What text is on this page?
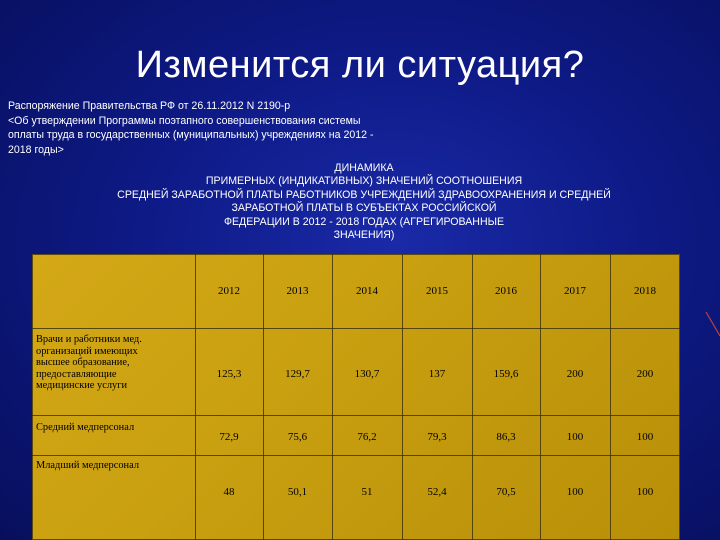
Изменится ли ситуация?
Распоряжение Правительства РФ от 26.11.2012 N 2190-р
<Об утверждении Программы поэтапного совершенствования системы
оплаты труда в государственных (муниципальных) учреждениях на 2012 -
2018 годы>
ДИНАМИКА
ПРИМЕРНЫХ (ИНДИКАТИВНЫХ) ЗНАЧЕНИЙ СООТНОШЕНИЯ
СРЕДНЕЙ ЗАРАБОТНОЙ ПЛАТЫ РАБОТНИКОВ УЧРЕЖДЕНИЙ ЗДРАВООХРАНЕНИЯ И СРЕДНЕЙ
ЗАРАБОТНОЙ ПЛАТЫ В СУБЪЕКТАХ РОССИЙСКОЙ
ФЕДЕРАЦИИ В 2012 - 2018 ГОДАХ (АГРЕГИРОВАННЫЕ
ЗНАЧЕНИЯ)
2012	2013	2014	2015	2016	2017	2018
Врачи и работники мед.
организаций имеющих
высшее образование,
предоставляющие
медицинские услуги
125,3	129,7	130,7	137	159,6	200	200
Средний медперсонал
72,9	75,6	76,2	79,3	86,3	100	100
Младший медперсонал
48	50,1	51	52,4	70,5	100	100
